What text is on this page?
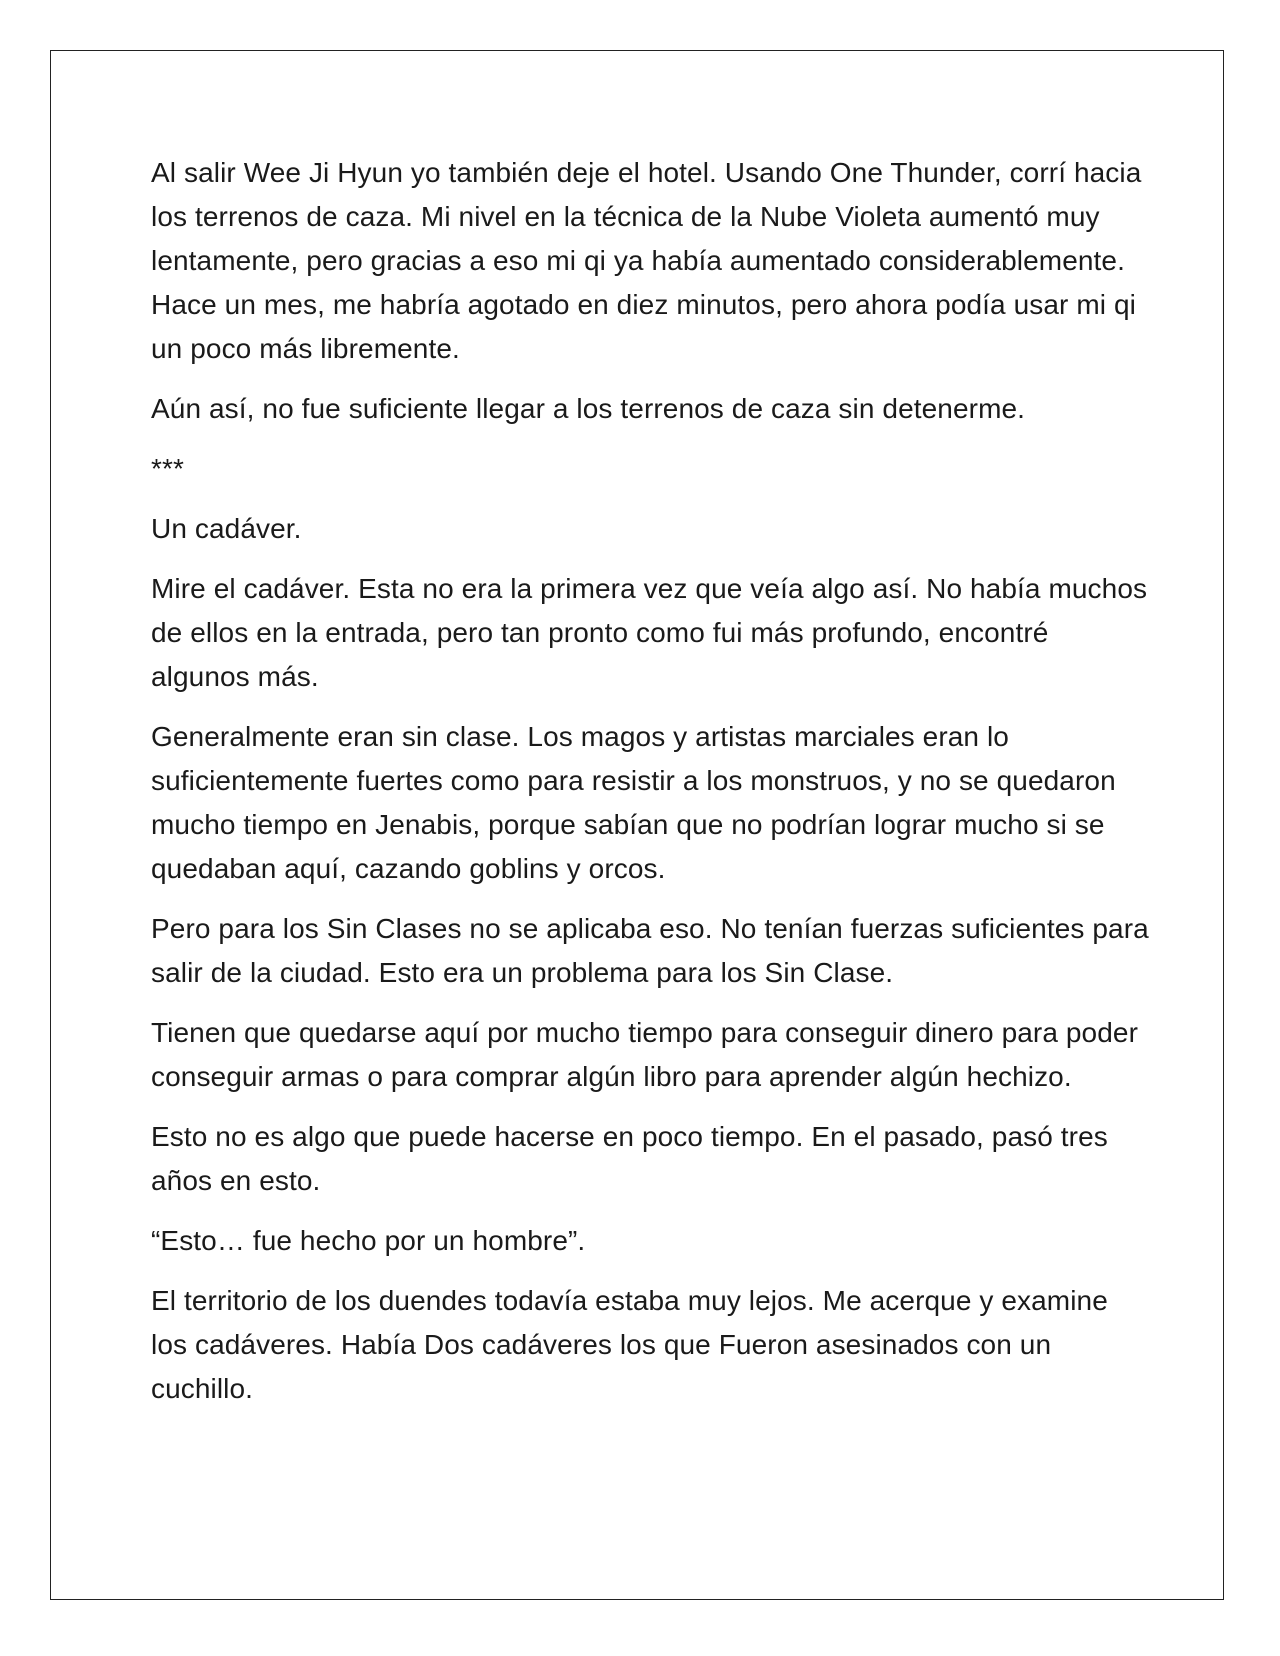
Al salir Wee Ji Hyun yo también deje el hotel. Usando One Thunder, corrí hacia los terrenos de caza. Mi nivel en la técnica de la Nube Violeta aumentó muy lentamente, pero gracias a eso mi qi ya había aumentado considerablemente. Hace un mes, me habría agotado en diez minutos, pero ahora podía usar mi qi un poco más libremente.

Aún así, no fue suficiente llegar a los terrenos de caza sin detenerme.

***

Un cadáver.

Mire el cadáver. Esta no era la primera vez que veía algo así. No había muchos de ellos en la entrada, pero tan pronto como fui más profundo, encontré algunos más.

Generalmente eran sin clase. Los magos y artistas marciales eran lo suficientemente fuertes como para resistir a los monstruos, y no se quedaron mucho tiempo en Jenabis, porque sabían que no podrían lograr mucho si se quedaban aquí, cazando goblins y orcos.

Pero para los Sin Clases no se aplicaba eso. No tenían fuerzas suficientes para salir de la ciudad. Esto era un problema para los Sin Clase.

Tienen que quedarse aquí por mucho tiempo para conseguir dinero para poder conseguir armas o para comprar algún libro para aprender algún hechizo.

Esto no es algo que puede hacerse en poco tiempo. En el pasado, pasó tres años en esto.

“Esto… fue hecho por un hombre”.

El territorio de los duendes todavía estaba muy lejos. Me acerque y examine los cadáveres. Había Dos cadáveres los que Fueron asesinados con un cuchillo.
